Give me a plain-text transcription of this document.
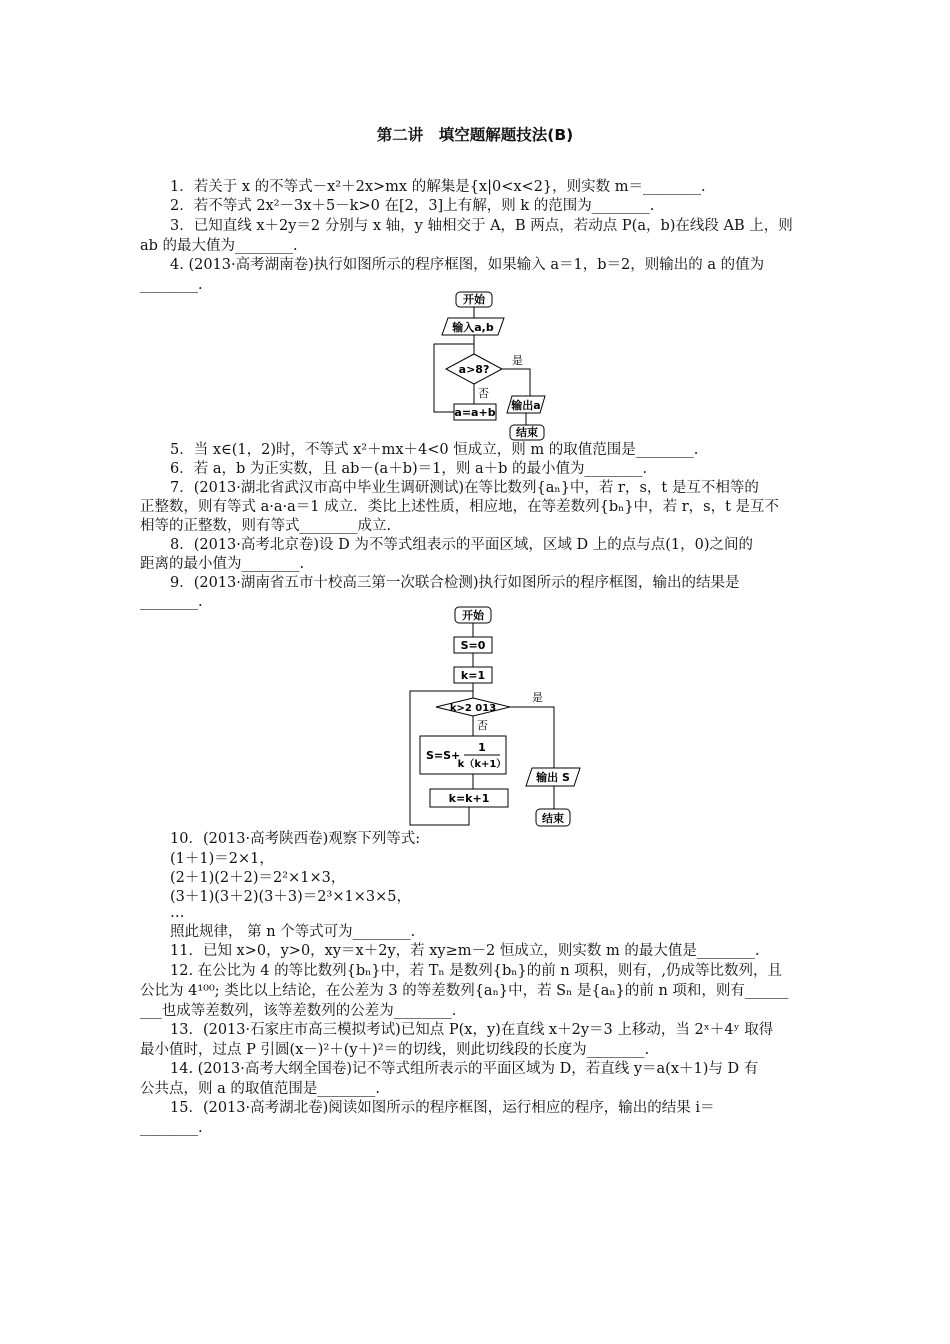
第二讲　填空题解题技法(B)
1．若关于 x 的不等式－x²＋2x>mx 的解集是{x|0<x<2}，则实数 m＝________.
2．若不等式 2x²－3x＋5－k>0 在[2，3]上有解，则 k 的范围为________.
3．已知直线 x＋2y＝2 分别与 x 轴，y 轴相交于 A，B 两点，若动点 P(a，b)在线段 AB 上，则
ab 的最大值为________.
4. (2013·高考湖南卷)执行如图所示的程序框图，如果输入 a＝1，b＝2，则输出的 a 的值为
________.
开始
输入a,b
a>8?
是
否
a=a+b
输出a
结束
5．当 x∈(1，2)时，不等式 x²＋mx＋4<0 恒成立，则 m 的取值范围是________.
6．若 a，b 为正实数，且 ab－(a＋b)＝1，则 a＋b 的最小值为________.
7．(2013·湖北省武汉市高中毕业生调研测试)在等比数列{aₙ}中，若 r，s，t 是互不相等的
正整数，则有等式 a·a·a＝1 成立．类比上述性质，相应地，在等差数列{bₙ}中，若 r，s，t 是互不
相等的正整数，则有等式________成立.
8．(2013·高考北京卷)设 D 为不等式组表示的平面区域，区域 D 上的点与点(1，0)之间的
距离的最小值为________.
9．(2013·湖南省五市十校高三第一次联合检测)执行如图所示的程序框图，输出的结果是
________.
开始
S=0
k=1
k>2 013
是
否
S=S+
1
k（k+1）
k=k+1
输出 S
结束
10．(2013·高考陕西卷)观察下列等式:
(1＋1)＝2×1，
(2＋1)(2＋2)＝2²×1×3，
(3＋1)(3＋2)(3＋3)＝2³×1×3×5，
…
照此规律， 第 n 个等式可为________.
11．已知 x>0，y>0，xy＝x＋2y，若 xy≥m－2 恒成立，则实数 m 的最大值是________.
12. 在公比为 4 的等比数列{bₙ}中，若 Tₙ 是数列{bₙ}的前 n 项积，则有，,仍成等比数列，且
公比为 4¹⁰⁰; 类比以上结论，在公差为 3 的等差数列{aₙ}中，若 Sₙ 是{aₙ}的前 n 项和，则有______
___也成等差数列，该等差数列的公差为________.
13．(2013·石家庄市高三模拟考试)已知点 P(x，y)在直线 x＋2y＝3 上移动，当 2ˣ＋4ʸ 取得
最小值时，过点 P 引圆(x－)²＋(y＋)²＝的切线，则此切线段的长度为________.
14. (2013·高考大纲全国卷)记不等式组所表示的平面区域为 D，若直线 y＝a(x＋1)与 D 有
公共点，则 a 的取值范围是________.
15．(2013·高考湖北卷)阅读如图所示的程序框图，运行相应的程序，输出的结果 i＝
________.
